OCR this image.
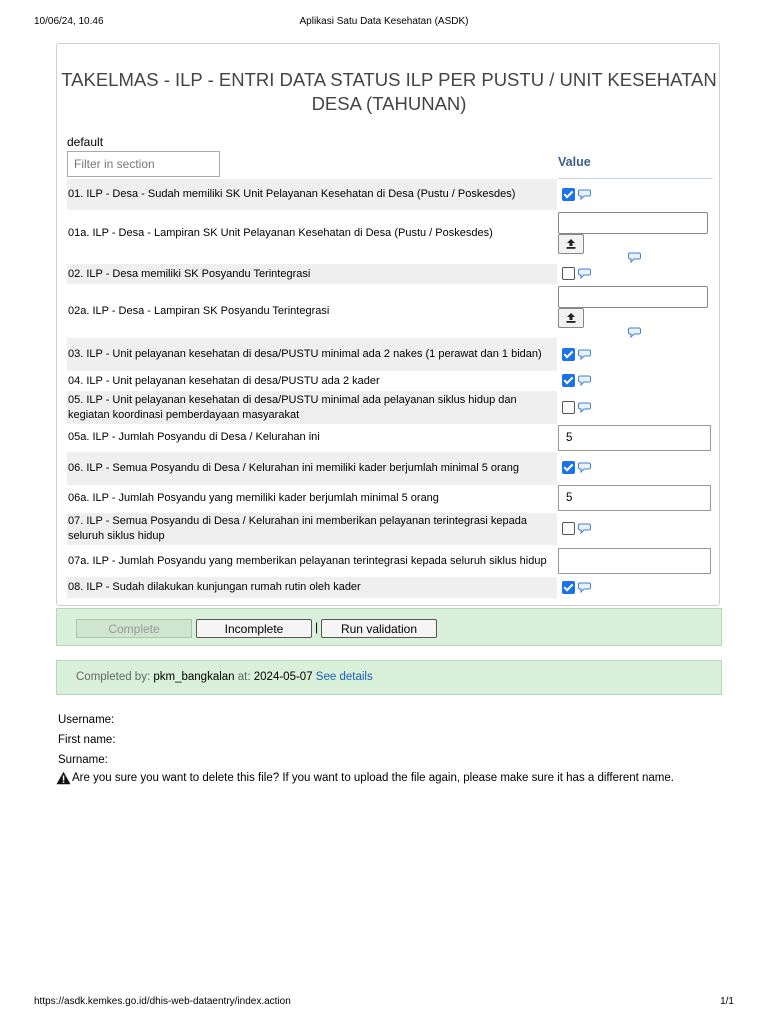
10/06/24, 10.46	Aplikasi Satu Data Kesehatan (ASDK)
TAKELMAS - ILP - ENTRI DATA STATUS ILP PER PUSTU / UNIT KESEHATAN DESA (TAHUNAN)
default
Filter in section
Value
01. ILP - Desa - Sudah memiliki SK Unit Pelayanan Kesehatan di Desa (Pustu / Poskesdes)
01a. ILP - Desa - Lampiran SK Unit Pelayanan Kesehatan di Desa (Pustu / Poskesdes)
02. ILP - Desa memiliki SK Posyandu Terintegrasi
02a. ILP - Desa - Lampiran SK Posyandu Terintegrasi
03. ILP - Unit pelayanan kesehatan di desa/PUSTU minimal ada 2 nakes (1 perawat dan 1 bidan)
04. ILP - Unit pelayanan kesehatan di desa/PUSTU ada 2 kader
05. ILP - Unit pelayanan kesehatan di desa/PUSTU minimal ada pelayanan siklus hidup dan kegiatan koordinasi pemberdayaan masyarakat
05a. ILP - Jumlah Posyandu di Desa / Kelurahan ini	5
06. ILP - Semua Posyandu di Desa / Kelurahan ini memiliki kader berjumlah minimal 5 orang
06a. ILP - Jumlah Posyandu yang memiliki kader berjumlah minimal 5 orang	5
07. ILP - Semua Posyandu di Desa / Kelurahan ini memberikan pelayanan terintegrasi kepada seluruh siklus hidup
07a. ILP - Jumlah Posyandu yang memberikan pelayanan terintegrasi kepada seluruh siklus hidup
08. ILP - Sudah dilakukan kunjungan rumah rutin oleh kader
Complete	Incomplete	|	Run validation
Completed by: pkm_bangkalan at: 2024-05-07 See details
Username:
First name:
Surname:
Are you sure you want to delete this file? If you want to upload the file again, please make sure it has a different name.
https://asdk.kemkes.go.id/dhis-web-dataentry/index.action	1/1
